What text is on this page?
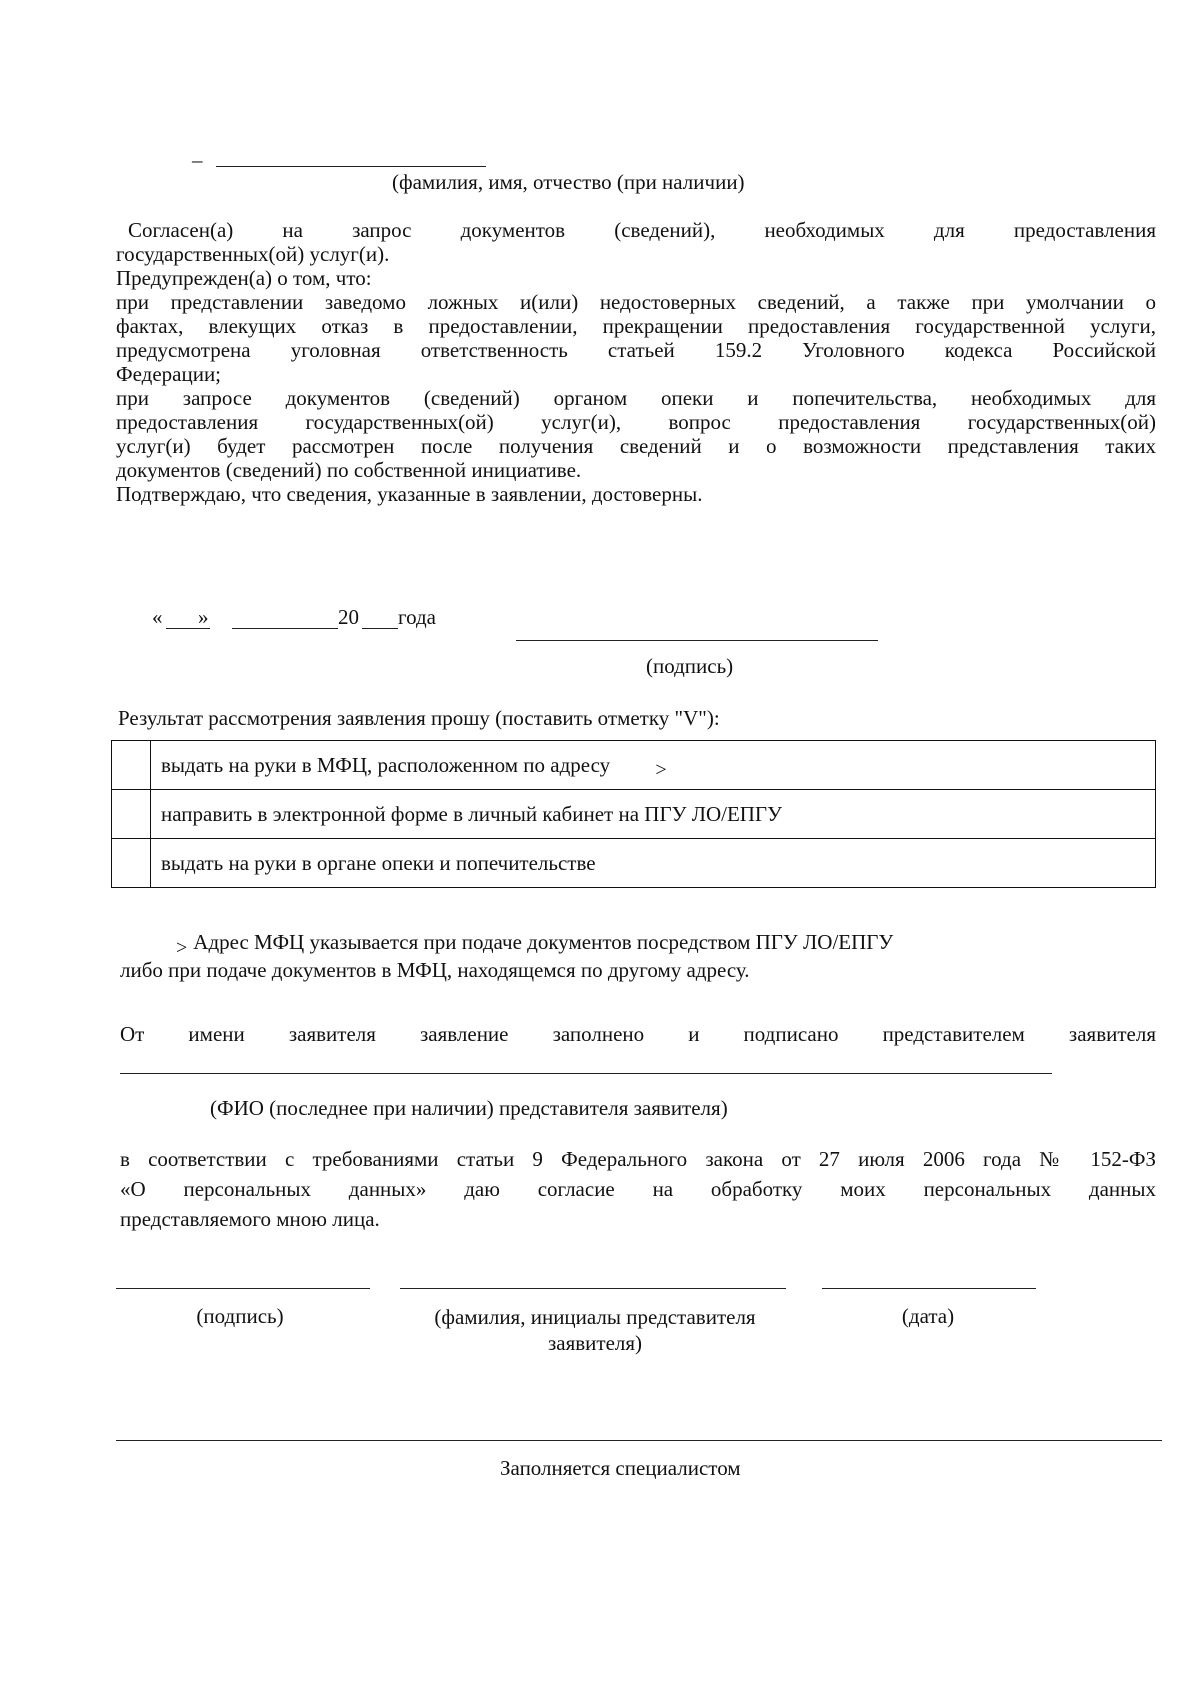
–
(фамилия, имя, отчество (при наличии)
Согласен(а) на запрос документов (сведений), необходимых для предоставления
государственных(ой) услуг(и).
Предупрежден(а) о том, что:
при представлении заведомо ложных и(или) недостоверных сведений, а также при умолчании о
фактах, влекущих отказ в предоставлении, прекращении предоставления государственной услуги,
предусмотрена уголовная ответственность статьей 159.2 Уголовного кодекса Российской
Федерации;
при запросе документов (сведений) органом опеки и попечительства, необходимых для
предоставления государственных(ой) услуг(и), вопрос предоставления государственных(ой)
услуг(и) будет рассмотрен после получения сведений и о возможности представления таких
документов (сведений) по собственной инициативе.
Подтверждаю, что сведения, указанные в заявлении, достоверны.
« »	20 года
(подпись)
Результат рассмотрения заявления прошу (поставить отметку "V"):
	выдать на руки в МФЦ, расположенном по адресу >
	направить в электронной форме в личный кабинет на ПГУ ЛО/ЕПГУ
	выдать на руки в органе опеки и попечительстве
> Адрес МФЦ указывается при подаче документов посредством ПГУ ЛО/ЕПГУ
либо при подаче документов в МФЦ, находящемся по другому адресу.
От имени заявителя заявление заполнено и подписано представителем заявителя
(ФИО (последнее при наличии) представителя заявителя)
в соответствии с требованиями статьи 9 Федерального закона от 27 июля 2006 года № 152-ФЗ
«О персональных данных» даю согласие на обработку моих персональных данных
представляемого мною лица.
(подпись)	(фамилия, инициалы представителя
заявителя)
(дата)
Заполняется специалистом
